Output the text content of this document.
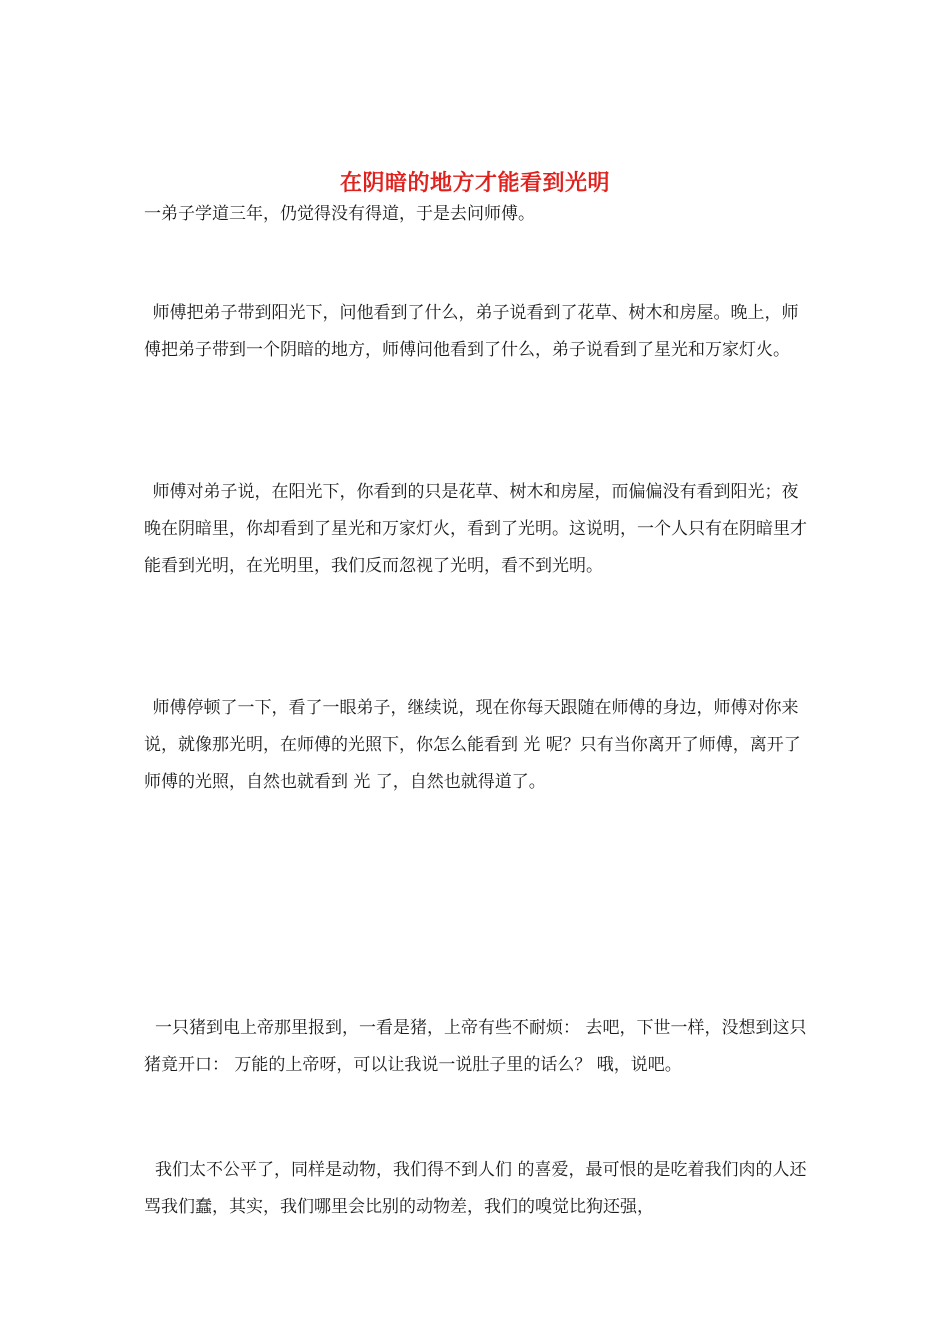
在阴暗的地方才能看到光明

一弟子学道三年，仍觉得没有得道，于是去问师傅。

师傅把弟子带到阳光下，问他看到了什么，弟子说看到了花草、树木和房屋。晚上，师傅把弟子带到一个阴暗的地方，师傅问他看到了什么，弟子说看到了星光和万家灯火。

师傅对弟子说，在阳光下，你看到的只是花草、树木和房屋，而偏偏没有看到阳光；夜晚在阴暗里，你却看到了星光和万家灯火，看到了光明。这说明，一个人只有在阴暗里才能看到光明，在光明里，我们反而忽视了光明，看不到光明。

师傅停顿了一下，看了一眼弟子，继续说，现在你每天跟随在师傅的身边，师傅对你来说，就像那光明，在师傅的光照下，你怎么能看到 光 呢？只有当你离开了师傅，离开了师傅的光照，自然也就看到 光 了，自然也就得道了。

一只猪到电上帝那里报到，一看是猪，上帝有些不耐烦： 去吧，下世一样，没想到这只猪竟开口： 万能的上帝呀，可以让我说一说肚子里的话么？ 哦，说吧。

我们太不公平了，同样是动物，我们得不到人们 的喜爱，最可恨的是吃着我们肉的人还骂我们蠢，其实，我们哪里会比别的动物差，我们的嗅觉比狗还强，
